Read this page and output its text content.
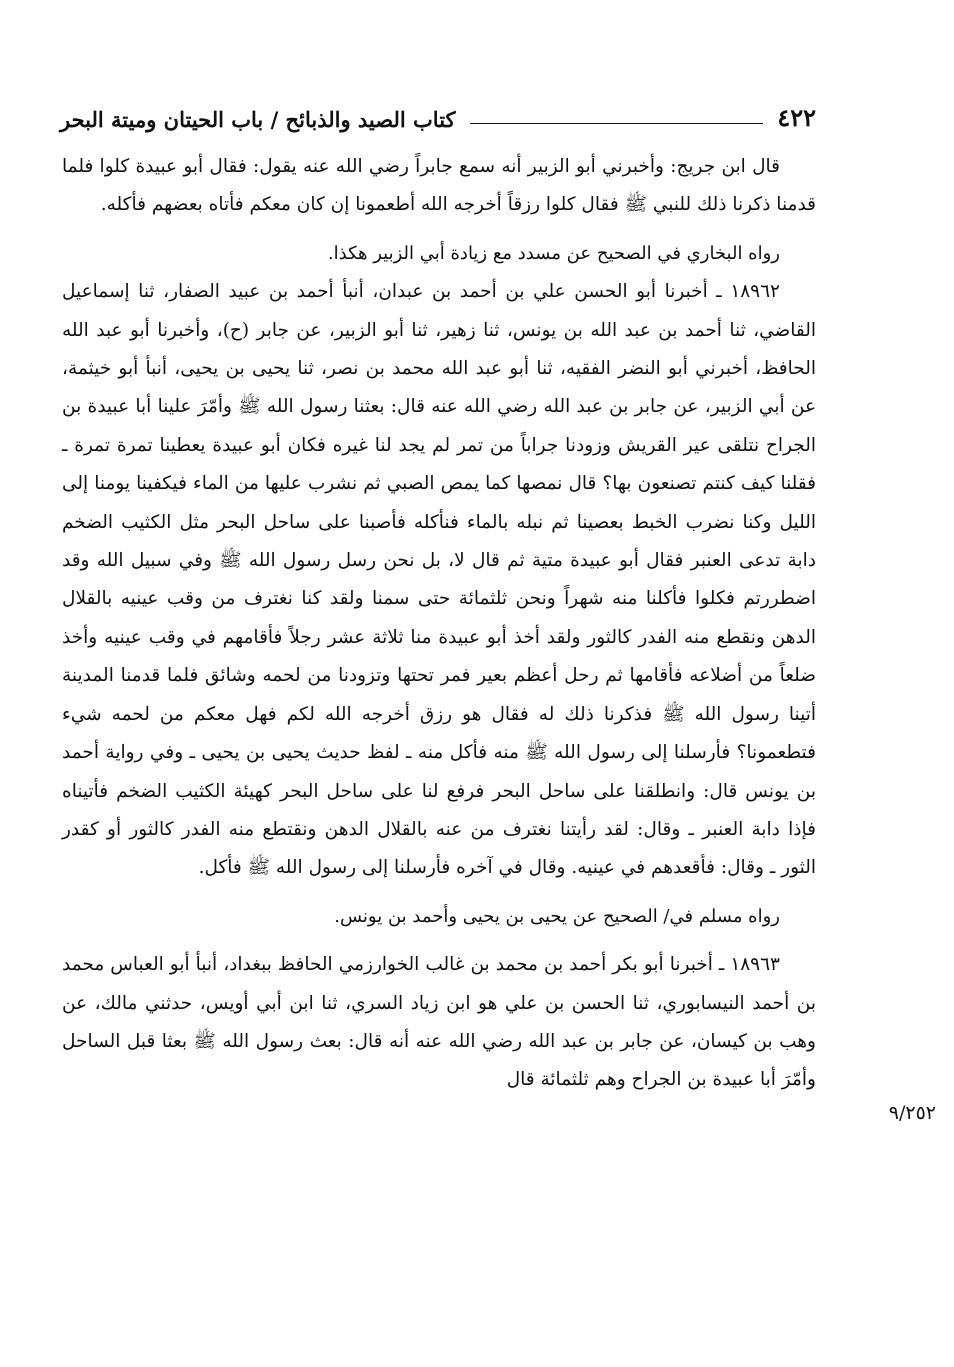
٤٢٢
كتاب الصيد والذبائح / باب الحيتان وميتة البحر

قال ابن جريج: وأخبرني أبو الزبير أنه سمع جابراً رضي الله عنه يقول: فقال أبو عبيدة كلوا فلما قدمنا ذكرنا ذلك للنبي ﷺ فقال كلوا رزقاً أخرجه الله أطعمونا إن كان معكم فأتاه بعضهم فأكله.

رواه البخاري في الصحيح عن مسدد مع زيادة أبي الزبير هكذا.

١٨٩٦٢ ـ أخبرنا أبو الحسن علي بن أحمد بن عبدان، أنبأ أحمد بن عبيد الصفار، ثنا إسماعيل القاضي، ثنا أحمد بن عبد الله بن يونس، ثنا زهير، ثنا أبو الزبير، عن جابر (ح)، وأخبرنا أبو عبد الله الحافظ، أخبرني أبو النضر الفقيه، ثنا أبو عبد الله محمد بن نصر، ثنا يحيى بن يحيى، أنبأ أبو خيثمة، عن أبي الزبير، عن جابر بن عبد الله رضي الله عنه قال: بعثنا رسول الله ﷺ وأمّرَ علينا أبا عبيدة بن الجراح نتلقى عير القريش وزودنا جراباً من تمر لم يجد لنا غيره فكان أبو عبيدة يعطينا تمرة تمرة ـ فقلنا كيف كنتم تصنعون بها؟ قال نمصها كما يمص الصبي ثم نشرب عليها من الماء فيكفينا يومنا إلى الليل وكنا نضرب الخبط بعصينا ثم نبله بالماء فنأكله فأصبنا على ساحل البحر مثل الكثيب الضخم دابة تدعى العنبر فقال أبو عبيدة متية ثم قال لا، بل نحن رسل رسول الله ﷺ وفي سبيل الله وقد اضطررتم فكلوا فأكلنا منه شهراً ونحن ثلثمائة حتى سمنا ولقد كنا نغترف من وقب عينيه بالقلال الدهن ونقطع منه الفدر كالثور ولقد أخذ أبو عبيدة منا ثلاثة عشر رجلاً فأقامهم في وقب عينيه وأخذ ضلعاً من أضلاعه فأقامها ثم رحل أعظم بعير فمر تحتها وتزودنا من لحمه وشائق فلما قدمنا المدينة أتينا رسول الله ﷺ فذكرنا ذلك له فقال هو رزق أخرجه الله لكم فهل معكم من لحمه شيء فتطعمونا؟ فأرسلنا إلى رسول الله ﷺ منه فأكل منه ـ لفظ حديث يحيى بن يحيى ـ وفي رواية أحمد بن يونس قال: وانطلقنا على ساحل البحر فرفع لنا على ساحل البحر كهيئة الكثيب الضخم فأتيناه فإذا دابة العنبر ـ وقال: لقد رأيتنا نغترف من عنه بالقلال الدهن ونقتطع منه الفدر كالثور أو كقدر الثور ـ وقال: فأقعدهم في عينيه. وقال في آخره فأرسلنا إلى رسول الله ﷺ فأكل.

رواه مسلم في/ الصحيح عن يحيى بن يحيى وأحمد بن يونس.

١٨٩٦٣ ـ أخبرنا أبو بكر أحمد بن محمد بن غالب الخوارزمي الحافظ ببغداد، أنبأ أبو العباس محمد بن أحمد النيسابوري، ثنا الحسن بن علي هو ابن زياد السري، ثنا ابن أبي أويس، حدثني مالك، عن وهب بن كيسان، عن جابر بن عبد الله رضي الله عنه أنه قال: بعث رسول الله ﷺ بعثا قبل الساحل وأمّرَ أبا عبيدة بن الجراح وهم ثلثمائة قال

٩/٢٥٢
